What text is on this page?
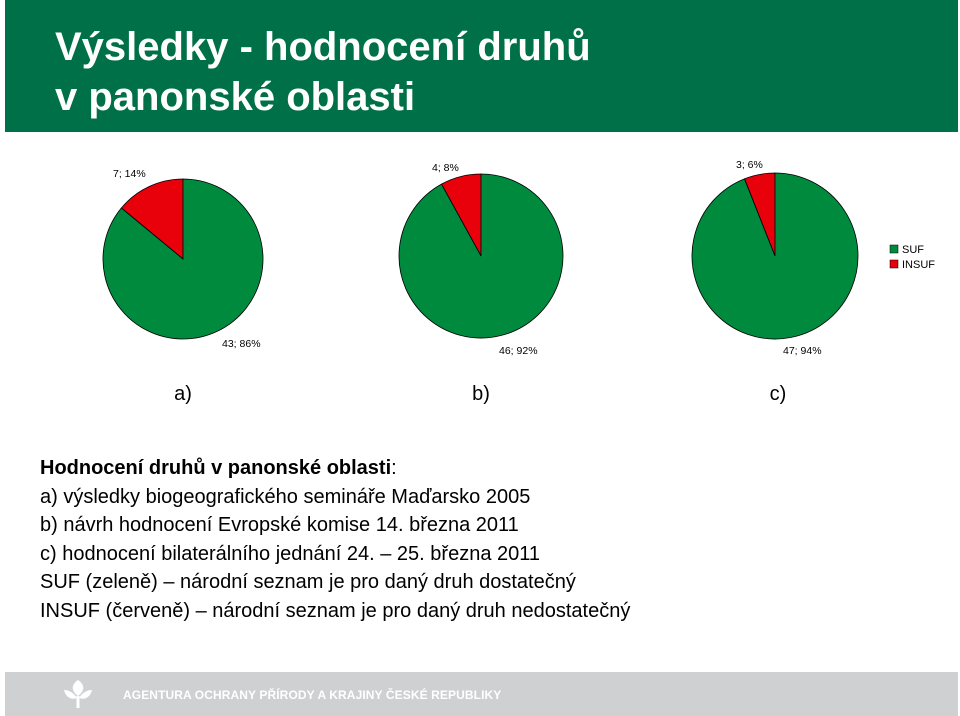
Výsledky - hodnocení druhů
v panonské oblasti
43; 86%
7; 14%
a)
46; 92%
4; 8%
b)
47; 94%
3; 6%
c)
SUF
INSUF
Hodnocení druhů v panonské oblasti:
a) výsledky biogeografického semináře Maďarsko 2005
b) návrh hodnocení Evropské komise 14. března 2011
c) hodnocení bilaterálního jednání 24. – 25. března 2011
SUF (zeleně) – národní seznam je pro daný druh dostatečný
INSUF (červeně) – národní seznam je pro daný druh nedostatečný
AGENTURA OCHRANY PŘÍRODY A KRAJINY ČESKÉ REPUBLIKY
